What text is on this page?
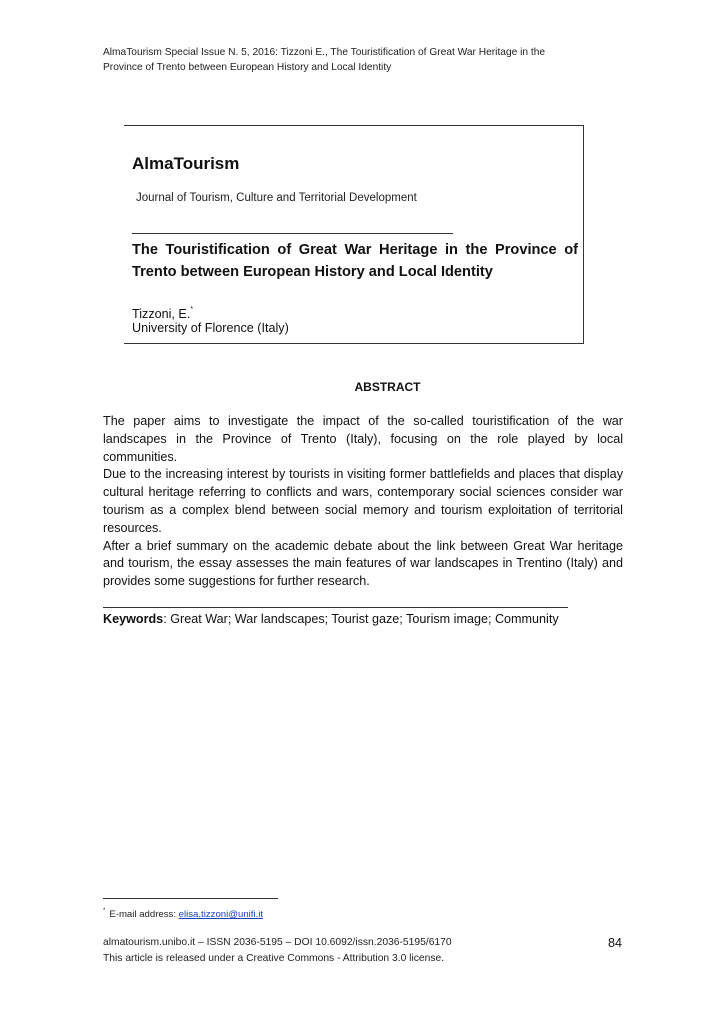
AlmaTourism Special Issue N. 5, 2016: Tizzoni E., The Touristification of Great War Heritage in the
Province of Trento between European History and Local Identity
AlmaTourism
Journal of Tourism, Culture and Territorial Development
The Touristification of Great War Heritage in the Province of Trento between European History and Local Identity
Tizzoni, E.*
University of Florence (Italy)
ABSTRACT

The paper aims to investigate the impact of the so-called touristification of the war landscapes in the Province of Trento (Italy), focusing on the role played by local communities.

Due to the increasing interest by tourists in visiting former battlefields and places that display cultural heritage referring to conflicts and wars, contemporary social sciences consider war tourism as a complex blend between social memory and tourism exploitation of territorial resources.

After a brief summary on the academic debate about the link between Great War heritage and tourism, the essay assesses the main features of war landscapes in Trentino (Italy) and provides some suggestions for further research.

Keywords: Great War; War landscapes; Tourist gaze; Tourism image; Community
* E-mail address: elisa.tizzoni@unifi.it
almatourism.unibo.it – ISSN 2036-5195 – DOI 10.6092/issn.2036-5195/6170
This article is released under a Creative Commons - Attribution 3.0 license.
84
